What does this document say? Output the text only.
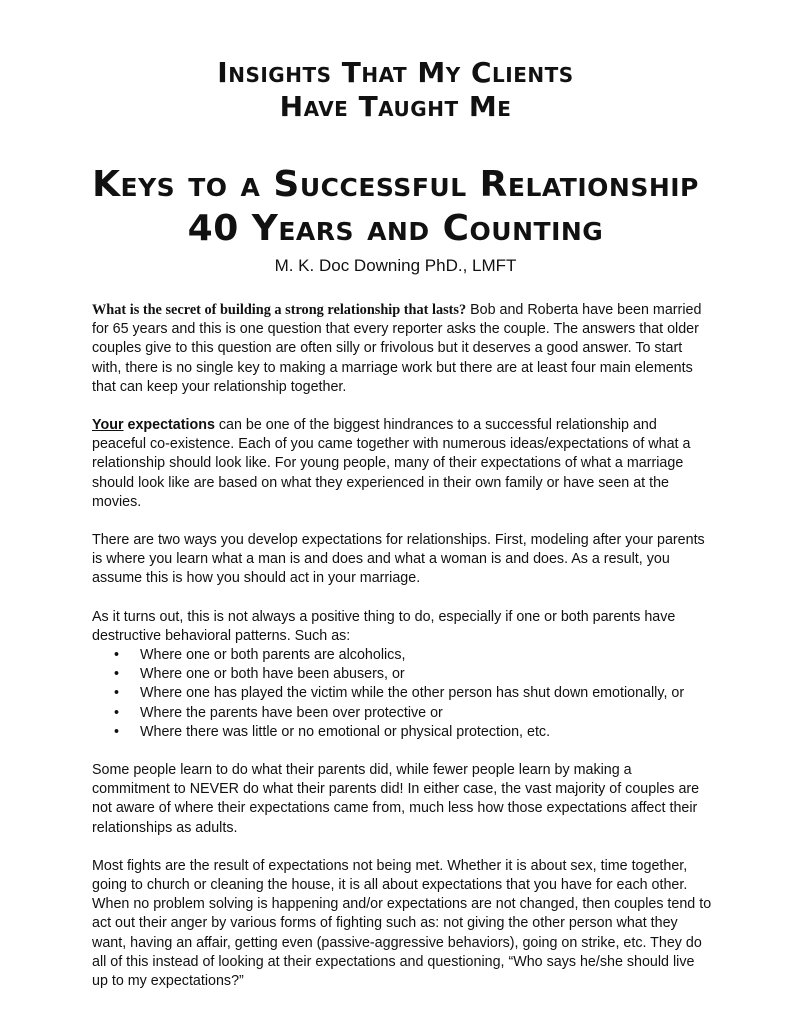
Insights That My Clients
Have Taught Me
Keys to a Successful Relationship
40 Years and Counting
M. K. Doc Downing PhD., LMFT

What is the secret of building a strong relationship that lasts? Bob and Roberta have been married for 65 years and this is one question that every reporter asks the couple. The answers that older couples give to this question are often silly or frivolous but it deserves a good answer. To start with, there is no single key to making a marriage work but there are at least four main elements that can keep your relationship together.

Your expectations can be one of the biggest hindrances to a successful relationship and peaceful co-existence. Each of you came together with numerous ideas/expectations of what a relationship should look like. For young people, many of their expectations of what a marriage should look like are based on what they experienced in their own family or have seen at the movies.

There are two ways you develop expectations for relationships. First, modeling after your parents is where you learn what a man is and does and what a woman is and does. As a result, you assume this is how you should act in your marriage.

As it turns out, this is not always a positive thing to do, especially if one or both parents have destructive behavioral patterns. Such as:

• Where one or both parents are alcoholics,
• Where one or both have been abusers, or
• Where one has played the victim while the other person has shut down emotionally, or
• Where the parents have been over protective or
• Where there was little or no emotional or physical protection, etc.

Some people learn to do what their parents did, while fewer people learn by making a commitment to NEVER do what their parents did! In either case, the vast majority of couples are not aware of where their expectations came from, much less how those expectations affect their relationships as adults.

Most fights are the result of expectations not being met. Whether it is about sex, time together, going to church or cleaning the house, it is all about expectations that you have for each other. When no problem solving is happening and/or expectations are not changed, then couples tend to act out their anger by various forms of fighting such as: not giving the other person what they want, having an affair, getting even (passive-aggressive behaviors), going on strike, etc. They do all of this instead of looking at their expectations and questioning, “Who says he/she should live up to my expectations?”
